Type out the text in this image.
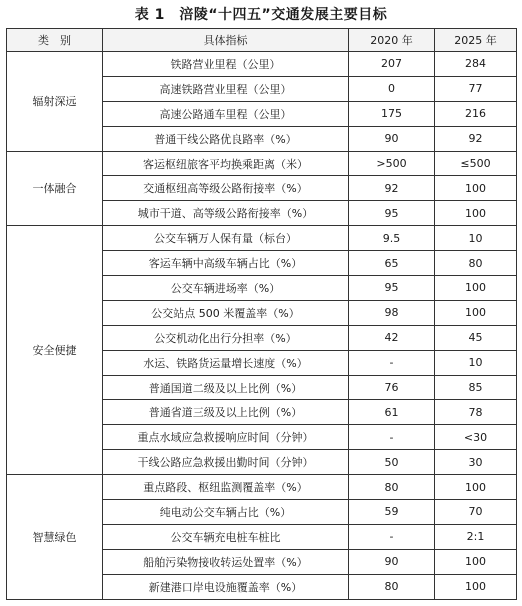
表 1　涪陵“十四五”交通发展主要目标
类　别	具体指标	2020 年	2025 年
辐射深远	铁路营业里程（公里）	207	284
	高速铁路营业里程（公里）	0	77
	高速公路通车里程（公里）	175	216
	普通干线公路优良路率（%）	90	92
一体融合	客运枢纽旅客平均换乘距离（米）	>500	≤500
	交通枢纽高等级公路衔接率（%）	92	100
	城市干道、高等级公路衔接率（%）	95	100
安全便捷	公交车辆万人保有量（标台）	9.5	10
	客运车辆中高级车辆占比（%）	65	80
	公交车辆进场率（%）	95	100
	公交站点 500 米覆盖率（%）	98	100
	公交机动化出行分担率（%）	42	45
	水运、铁路货运量增长速度（%）	-	10
	普通国道二级及以上比例（%）	76	85
	普通省道三级及以上比例（%）	61	78
	重点水域应急救援响应时间（分钟）	-	<30
	干线公路应急救援出勤时间（分钟）	50	30
智慧绿色	重点路段、枢纽监测覆盖率（%）	80	100
	纯电动公交车辆占比（%）	59	70
	公交车辆充电桩车桩比	-	2:1
	船舶污染物接收转运处置率（%）	90	100
	新建港口岸电设施覆盖率（%）	80	100
